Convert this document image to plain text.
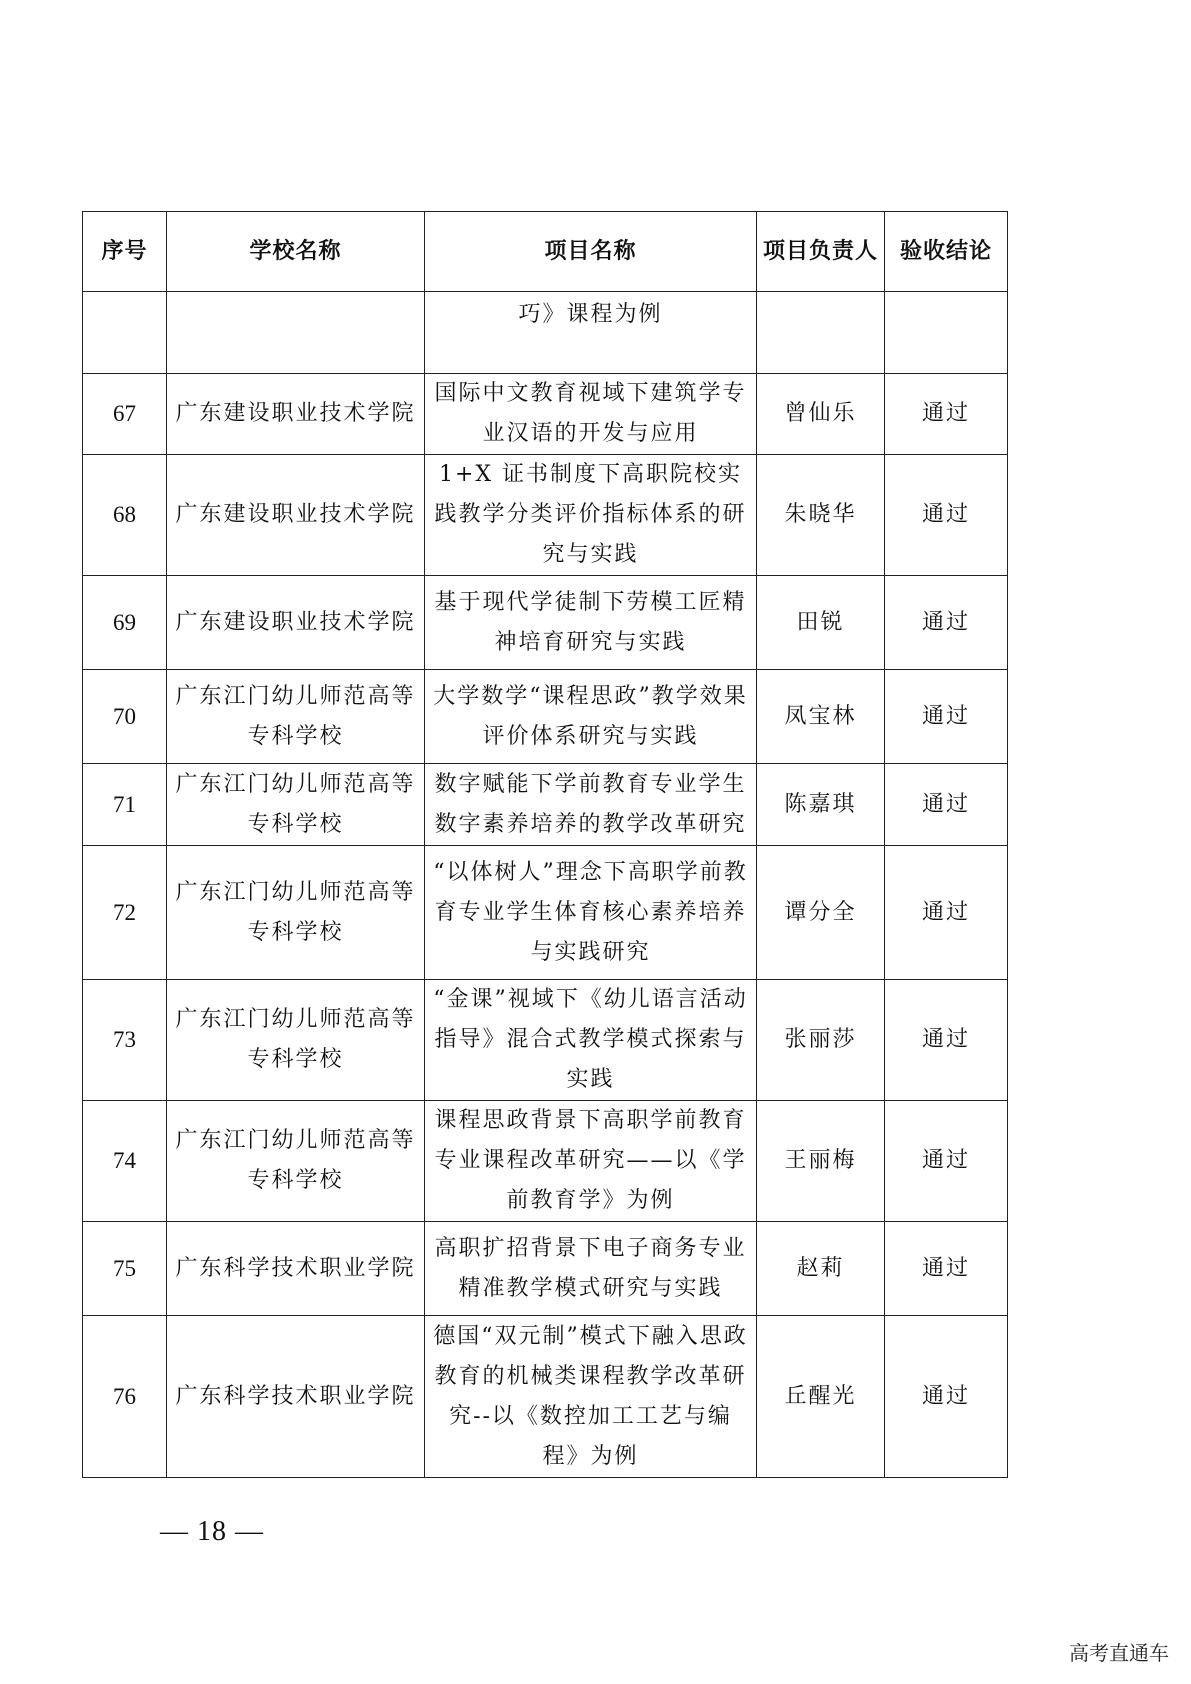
序号	学校名称	项目名称	项目负责人	验收结论
		巧》课程为例		
67	广东建设职业技术学院	国际中文教育视域下建筑学专业汉语的开发与应用	曾仙乐	通过
68	广东建设职业技术学院	1+X 证书制度下高职院校实践教学分类评价指标体系的研究与实践	朱晓华	通过
69	广东建设职业技术学院	基于现代学徒制下劳模工匠精神培育研究与实践	田锐	通过
70	广东江门幼儿师范高等专科学校	大学数学“课程思政”教学效果评价体系研究与实践	凤宝林	通过
71	广东江门幼儿师范高等专科学校	数字赋能下学前教育专业学生数字素养培养的教学改革研究	陈嘉琪	通过
72	广东江门幼儿师范高等专科学校	“以体树人”理念下高职学前教育专业学生体育核心素养培养与实践研究	谭分全	通过
73	广东江门幼儿师范高等专科学校	“金课”视域下《幼儿语言活动指导》混合式教学模式探索与实践	张丽莎	通过
74	广东江门幼儿师范高等专科学校	课程思政背景下高职学前教育专业课程改革研究——以《学前教育学》为例	王丽梅	通过
75	广东科学技术职业学院	高职扩招背景下电子商务专业精准教学模式研究与实践	赵莉	通过
76	广东科学技术职业学院	德国“双元制”模式下融入思政教育的机械类课程教学改革研究--以《数控加工工艺与编程》为例	丘醒光	通过
— 18 —
高考直通车
